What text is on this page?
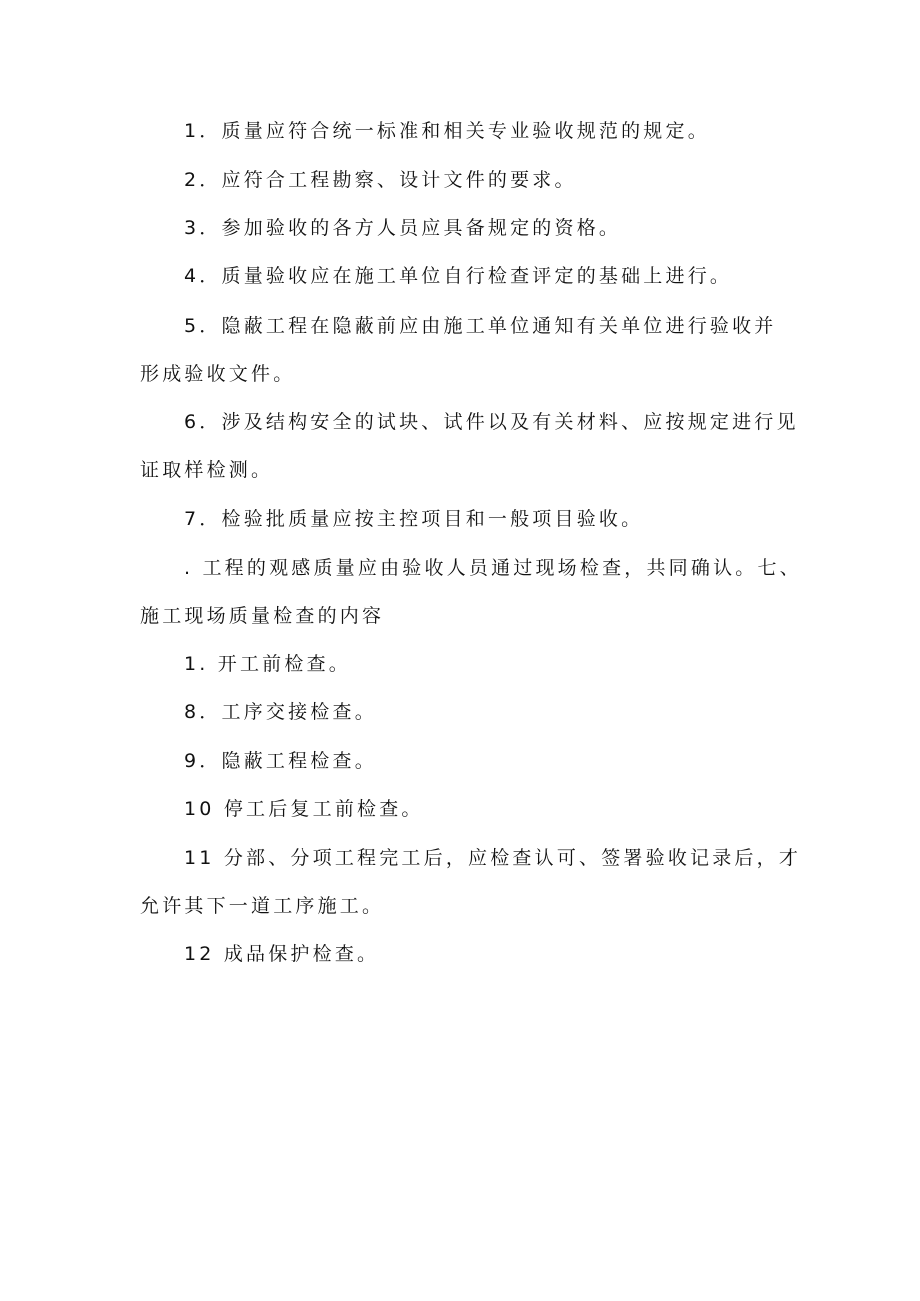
1．质量应符合统一标准和相关专业验收规范的规定。
2．应符合工程勘察、设计文件的要求。
3．参加验收的各方人员应具备规定的资格。
4．质量验收应在施工单位自行检查评定的基础上进行。
5．隐蔽工程在隐蔽前应由施工单位通知有关单位进行验收并
形成验收文件。
6．涉及结构安全的试块、试件以及有关材料、应按规定进行见
证取样检测。
7．检验批质量应按主控项目和一般项目验收。
. 工程的观感质量应由验收人员通过现场检查，共同确认。七、
施工现场质量检查的内容
1. 开工前检查。
8．工序交接检查。
9．隐蔽工程检查。
10 停工后复工前检查。
11 分部、分项工程完工后，应检查认可、签署验收记录后，才
允许其下一道工序施工。
12 成品保护检查。
